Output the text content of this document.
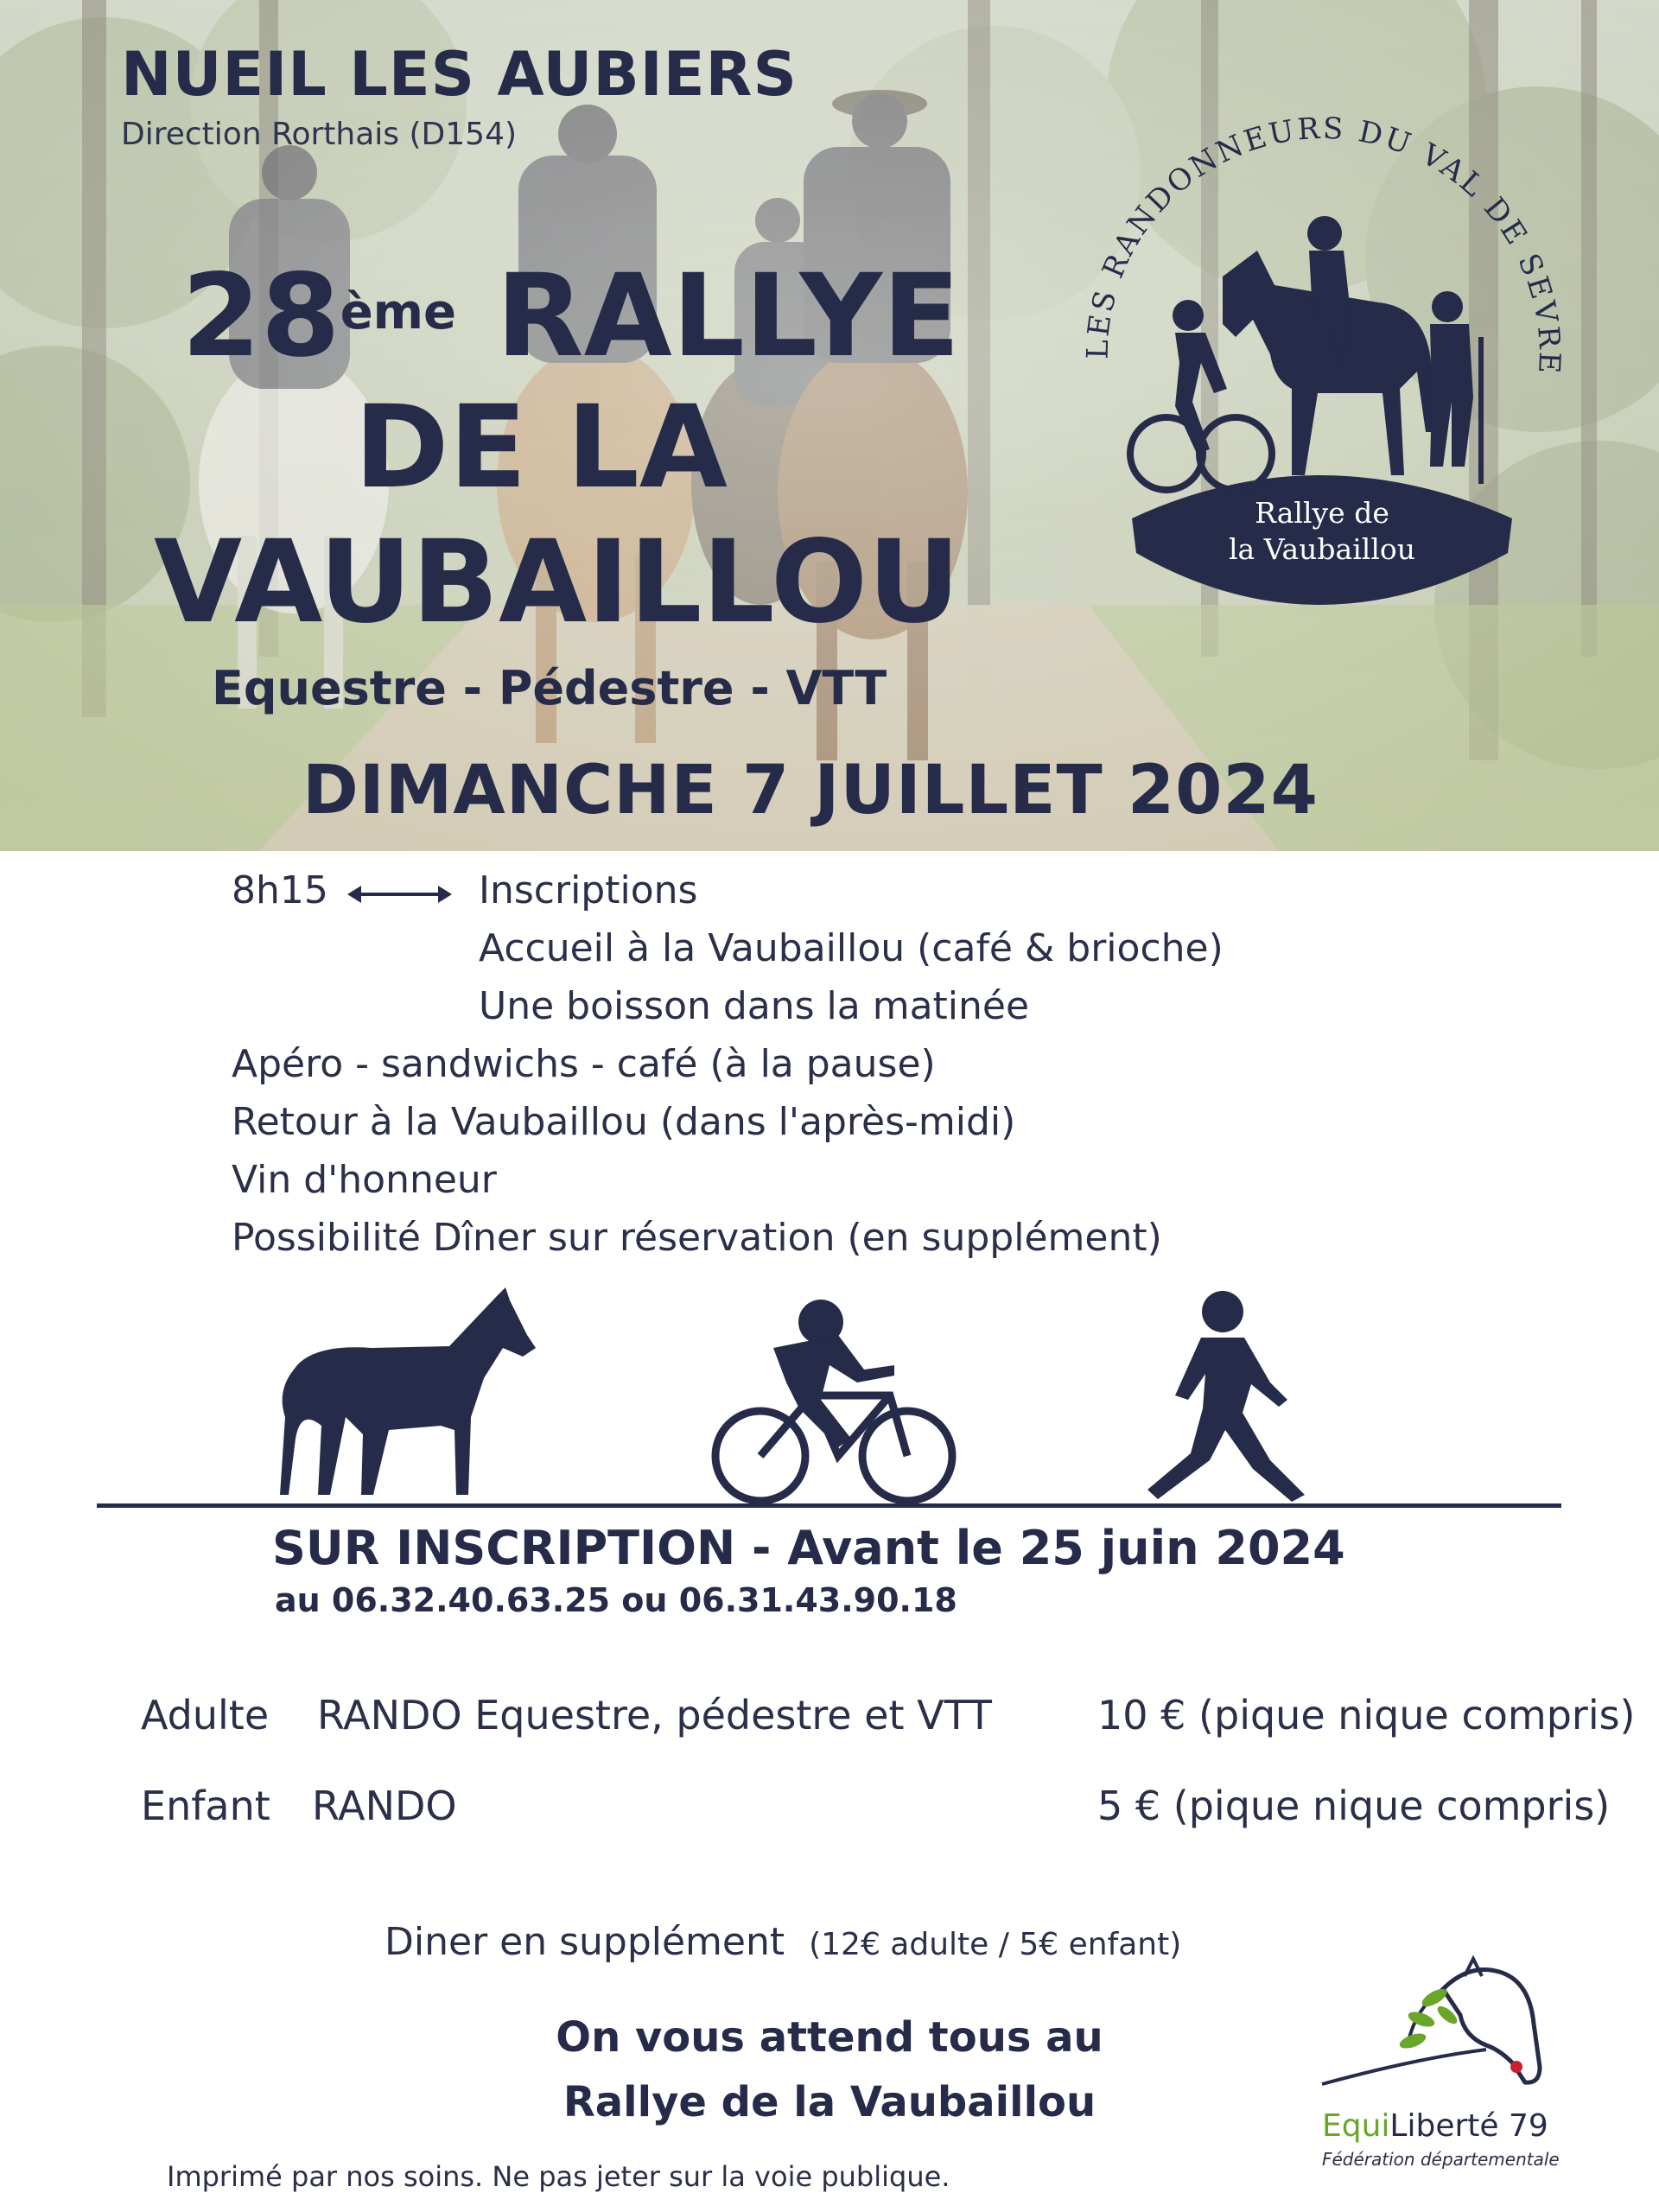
NUEIL LES AUBIERS
Direction Rorthais (D154)
28ème RALLYE
DE LA
VAUBAILLOU
Equestre - Pédestre - VTT
DIMANCHE 7 JUILLET 2024
LES RANDONNEURS DU VAL DE SEVRE
Rallye de
la Vaubaillou
8h15	Inscriptions
Accueil à la Vaubaillou (café & brioche)
Une boisson dans la matinée
Apéro - sandwichs - café (à la pause)
Retour à la Vaubaillou (dans l'après-midi)
Vin d'honneur
Possibilité Dîner sur réservation (en supplément)
SUR INSCRIPTION - Avant le 25 juin 2024
au 06.32.40.63.25 ou 06.31.43.90.18
Adulte RANDO Equestre, pédestre et VTT	10 € (pique nique compris)
Enfant RANDO	5 € (pique nique compris)
Diner en supplément (12€ adulte / 5€ enfant)
On vous attend tous au
Rallye de la Vaubaillou
Imprimé par nos soins. Ne pas jeter sur la voie publique.
EquiLiberté 79
Fédération départementale
